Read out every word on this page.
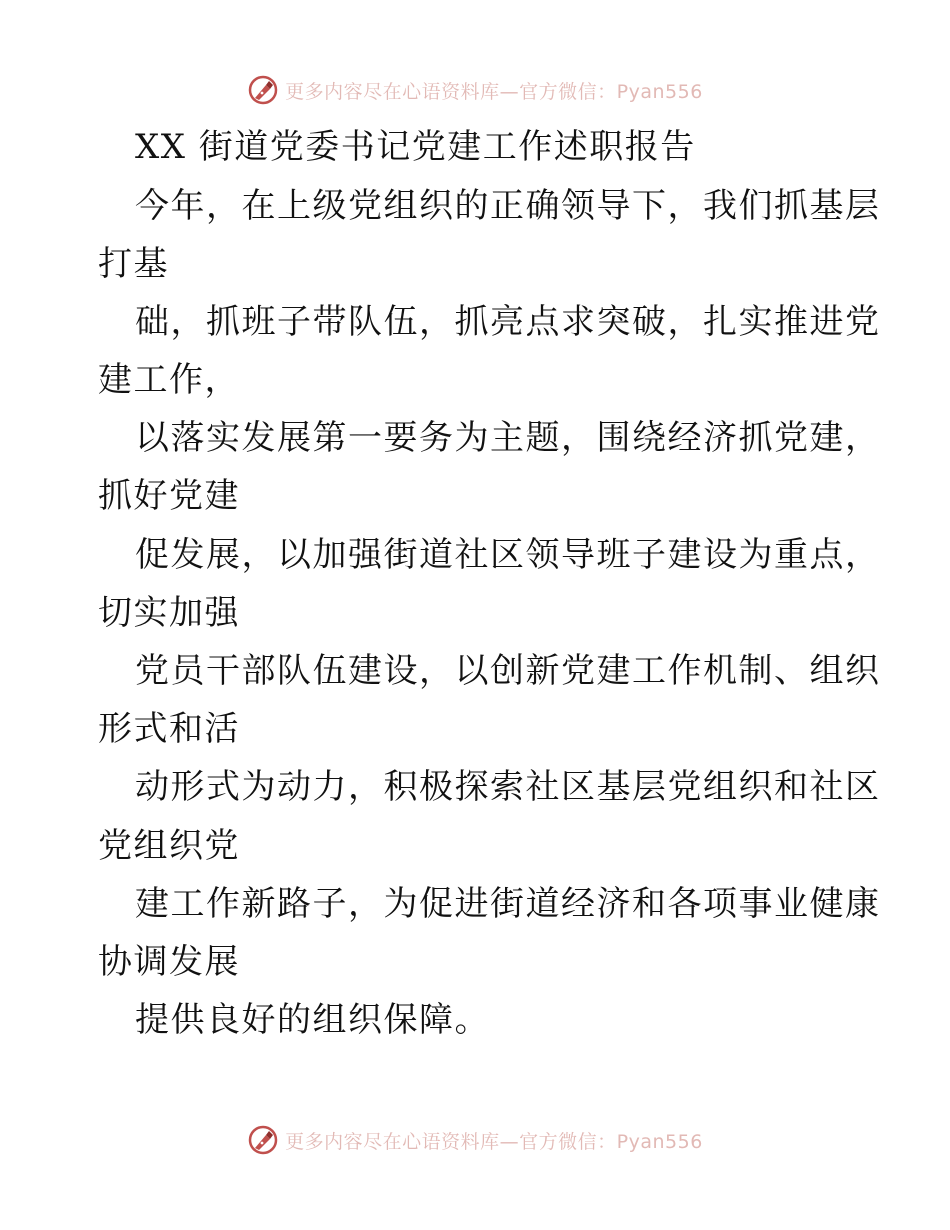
更多内容尽在心语资料库—官方微信：Pyan556
XX 街道党委书记党建工作述职报告
今年，在上级党组织的正确领导下，我们抓基层
打基
础，抓班子带队伍，抓亮点求突破，扎实推进党
建工作，
以落实发展第一要务为主题，围绕经济抓党建，
抓好党建
促发展，以加强街道社区领导班子建设为重点，
切实加强
党员干部队伍建设，以创新党建工作机制、组织
形式和活
动形式为动力，积极探索社区基层党组织和社区
党组织党
建工作新路子，为促进街道经济和各项事业健康
协调发展
提供良好的组织保障。
更多内容尽在心语资料库—官方微信：Pyan556
